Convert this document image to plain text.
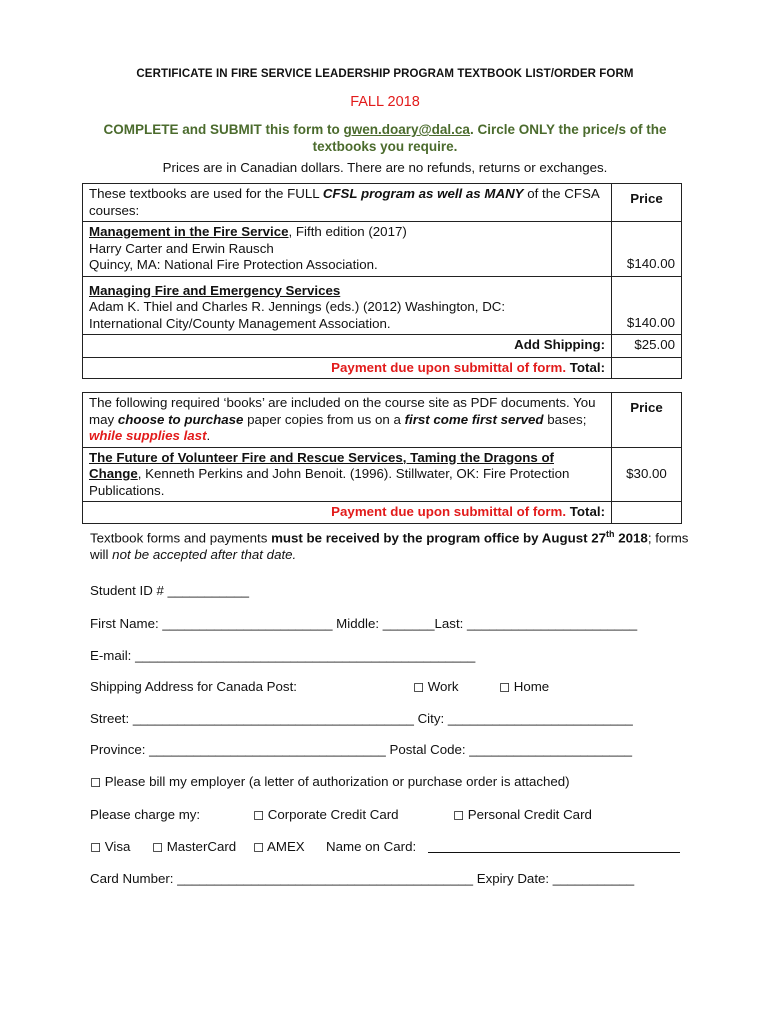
CERTIFICATE IN FIRE SERVICE LEADERSHIP PROGRAM TEXTBOOK LIST/ORDER FORM
FALL 2018
COMPLETE and SUBMIT this form to gwen.doary@dal.ca. Circle ONLY the price/s of the textbooks you require.
Prices are in Canadian dollars. There are no refunds, returns or exchanges.
These textbooks are used for the FULL CFSL program as well as MANY of the CFSA courses:	Price
Management in the Fire Service, Fifth edition (2017)
Harry Carter and Erwin Rausch
Quincy, MA: National Fire Protection Association.	$140.00
Managing Fire and Emergency Services
Adam K. Thiel and Charles R. Jennings (eds.) (2012) Washington, DC:
International City/County Management Association.	$140.00
Add Shipping:	$25.00
Payment due upon submittal of form. Total:	
The following required ‘books’ are included on the course site as PDF documents. You may choose to purchase paper copies from us on a first come first served bases; while supplies last.	Price
The Future of Volunteer Fire and Rescue Services, Taming the Dragons of Change, Kenneth Perkins and John Benoit. (1996). Stillwater, OK: Fire Protection Publications.	$30.00
Payment due upon submittal of form. Total:	
Textbook forms and payments must be received by the program office by August 27th 2018; forms will not be accepted after that date.
Student ID # ___________
First Name: _______________________ Middle: _______Last: _______________________
E-mail: ______________________________________________
Shipping Address for Canada Post:	◻ Work	◻ Home
Street: ______________________________________ City: _________________________
Province: ________________________________ Postal Code: ______________________
◻ Please bill my employer (a letter of authorization or purchase order is attached)
Please charge my:	◻ Corporate Credit Card	◻ Personal Credit Card
◻ Visa ◻ MasterCard ◻ AMEX Name on Card:
Card Number: ________________________________________ Expiry Date: ___________
